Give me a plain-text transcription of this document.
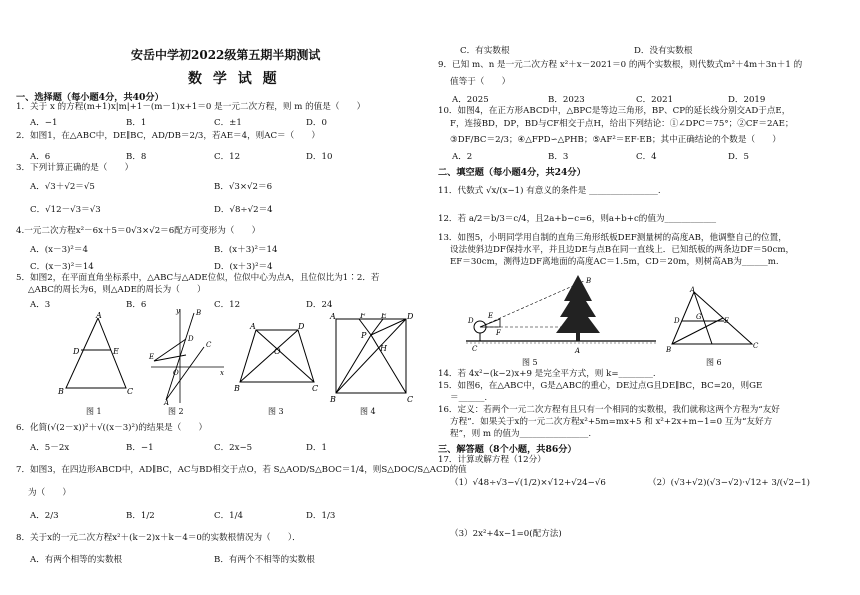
安岳中学初2022级第五期半期测试
数 学 试 题
一、选择题（每小题4分，共40分）
1．关于 x 的方程(m+1)x|m|+1－(m－1)x+1＝0 是一元二次方程，则 m 的值是（　　）
A．−1	B．1	C．±1	D．0
2．如图1，在△ABC中，DE∥BC，AD/DB＝2/3，若AE＝4，则AC＝（　　）
A．6	B．8	C．12	D．10
3．下列计算正确的是（　　）
A．√3＋√2＝√5	B．√3×√2＝6
C．√12－√3＝√3	D．√8÷√2＝4
4.一元二次方程x²－6x＋5＝0√3×√2＝6配方可变形为（　　）
A．(x－3)²＝4	B．(x＋3)²＝14
C．(x－3)²＝14	D．(x＋3)²＝4
5．如图2，在平面直角坐标系中，△ABC与△ADE位似，位似中心为点A，且位似比为1∶2．若
△ABC的周长为6，则△ADE的周长为（　　）
A．3	B．6	C．12	D．24
A
D	E
B	C
y
x
B
C
D
E
O
A
A	D
O
B	C
A	F E	D
P
H
B	C
图 1	图 2	图 3	图 4
6．化简(√(2－x))²＋√((x－3)²)的结果是（　　）
A．5－2x	B．−1	C．2x−5	D．1
7．如图3，在四边形ABCD中，AD∥BC，AC与BD相交于点O，若 S△AOD/S△BOC＝1/4，则S△DOC/S△ACD的值
为（　　）
A．2/3	B．1/2	C．1/4	D．1/3
8．关于x的一元二次方程x²＋(k－2)x＋k－4＝0的实数根情况为（　　）．
A．有两个相等的实数根	B．有两个不相等的实数根
C．有实数根	D．没有实数根
9．已知 m、n 是一元二次方程 x²＋x－2021＝0 的两个实数根，则代数式m²＋4m＋3n＋1 的
值等于（　　）
A．2025	B．2023	C．2021	D．2019
10．如图4，在正方形ABCD中，△BPC是等边三角形，BP、CP的延长线分别交AD于点E，
F，连接BD，DP，BD与CF相交于点H，给出下列结论：①∠DPC＝75°；②CF＝2AE；
③DF/BC＝2/3；④△FPD∽△PHB；⑤AF²＝EF·EB；其中正确结论的个数是（　　）
A．2	B．3	C．4	D．5
二、填空题（每小题4分，共24分）
11．代数式 √x/(x−1) 有意义的条件是 ________________.
12．若 a/2＝b/3＝c/4，且2a+b−c=6，则a+b+c的值为____________
13．如图5，小明同学用自制的直角三角形纸板DEF测量树的高度AB，他调整自己的位置，
设法使斜边DF保持水平，并且边DE与点B在同一直线上．已知纸板的两条边DF＝50cm，
EF＝30cm，测得边DF离地面的高度AC＝1.5m，CD＝20m，则树高AB为______m.
D
E
F
C	A
B
A
D G	E
B	C
图 5	图 6
14．若 4x²−(k−2)x+9 是完全平方式，则 k=________.
15．如图6，在△ABC中，G是△ABC的重心，DE过点G且DE∥BC，BC=20，则GE
＝______.
16．定义：若两个一元二次方程有且只有一个相同的实数根，我们就称这两个方程为“友好
方程”．如果关于x的一元二次方程x²+5m=mx+5 和 x²+2x+m−1=0 互为“友好方
程”，则 m 的值为________________.
三、解答题（8个小题，共86分）
17．计算或解方程（12分）
（1）√48÷√3−√(1/2)×√12+√24−√6	（2）(√3+√2)(√3−√2)·√12+ 3/(√2−1)
（3）2x²+4x−1=0(配方法)
